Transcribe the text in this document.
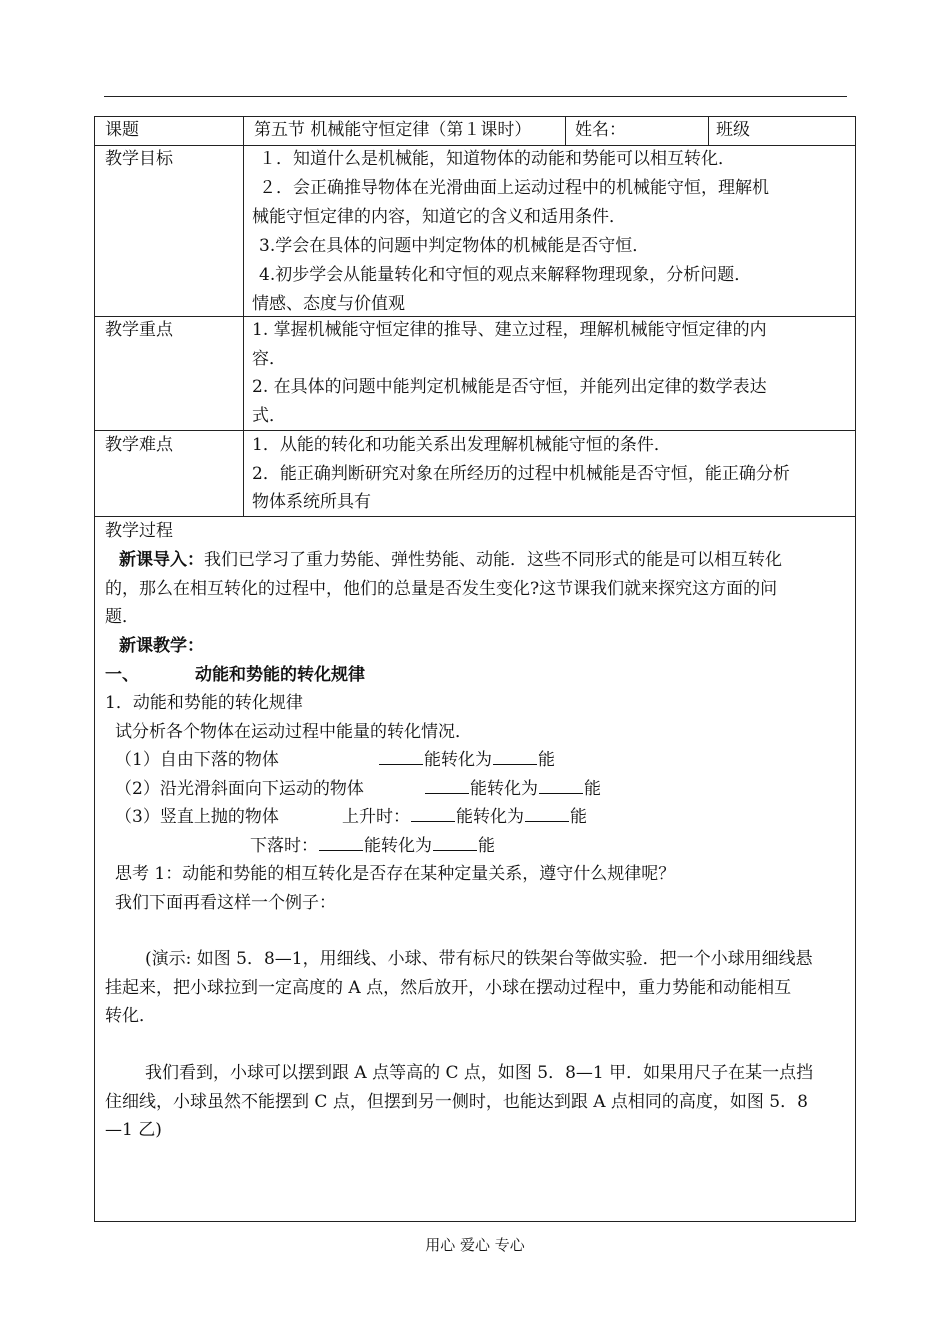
课题	第五节 机械能守恒定律（第１课时）	姓名：	班级
教学目标	１．知道什么是机械能，知道物体的动能和势能可以相互转化．
２．会正确推导物体在光滑曲面上运动过程中的机械能守恒，理解机
械能守恒定律的内容，知道它的含义和适用条件．
3.学会在具体的问题中判定物体的机械能是否守恒．
4.初步学会从能量转化和守恒的观点来解释物理现象，分析问题．
情感、态度与价值观
教学重点	1. 掌握机械能守恒定律的推导、建立过程，理解机械能守恒定律的内
容．
2. 在具体的问题中能判定机械能是否守恒，并能列出定律的数学表达
式．
教学难点	1．从能的转化和功能关系出发理解机械能守恒的条件．
2．能正确判断研究对象在所经历的过程中机械能是否守恒，能正确分析
物体系统所具有
教学过程
新课导入：我们已学习了重力势能、弹性势能、动能．这些不同形式的能是可以相互转化
的，那么在相互转化的过程中，他们的总量是否发生变化?这节课我们就来探究这方面的问
题．
新课教学：
一、	动能和势能的转化规律
1．动能和势能的转化规律
试分析各个物体在运动过程中能量的转化情况．
（1）自由下落的物体	能转化为	能
（2）沿光滑斜面向下运动的物体	能转化为	能
（3）竖直上抛的物体	上升时：	能转化为	能
下落时：	能转化为	能
思考 1：动能和势能的相互转化是否存在某种定量关系，遵守什么规律呢？
我们下面再看这样一个例子：
(演示: 如图 5．8—1，用细线、小球、带有标尺的铁架台等做实验．把一个小球用细线悬
挂起来，把小球拉到一定高度的 A 点，然后放开，小球在摆动过程中，重力势能和动能相互
转化．
我们看到，小球可以摆到跟 A 点等高的 C 点，如图 5．8—1 甲．如果用尺子在某一点挡
住细线，小球虽然不能摆到 C 点，但摆到另一侧时，也能达到跟 A 点相同的高度，如图 5．8
—1 乙)
用心 爱心 专心
